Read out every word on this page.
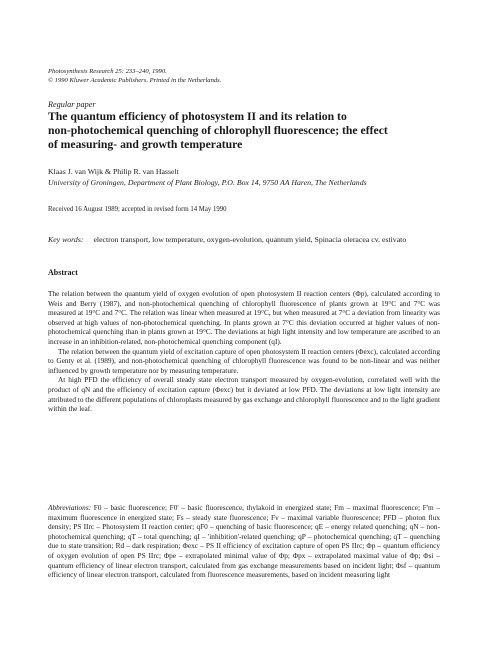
Photosynthesis Research 25: 233–240, 1990.
© 1990 Kluwer Academic Publishers. Printed in the Netherlands.
Regular paper
The quantum efficiency of photosystem II and its relation to
non-photochemical quenching of chlorophyll fluorescence; the effect
of measuring- and growth temperature
Klaas J. van Wijk & Philip R. van Hasselt
University of Groningen, Department of Plant Biology, P.O. Box 14, 9750 AA Haren, The Netherlands
Received 16 August 1989; accepted in revised form 14 May 1990
Key words: electron transport, low temperature, oxygen-evolution, quantum yield, Spinacia oleracea cv. estivato
Abstract

The relation between the quantum yield of oxygen evolution of open photosystem II reaction centers (Φp), calculated according to Weis and Berry (1987), and non-photochemical quenching of chlorophyll fluorescence of plants grown at 19°C and 7°C was measured at 19°C and 7°C. The relation was linear when measured at 19°C, but when measured at 7°C a deviation from linearity was observed at high values of non-photochemical quenching. In plants grown at 7°C this deviation occurred at higher values of non-photochemical quenching than in plants grown at 19°C. The deviations at high light intensity and low temperature are ascribed to an increase in an inhibition-related, non-photochemical quenching component (qI).

The relation between the quantum yield of excitation capture of open photosystem II reaction centers (Φexc), calculated according to Genty et al. (1989), and non-photochemical quenching of chlorophyll fluorescence was found to be non-linear and was neither influenced by growth temperature nor by measuring temperature.

At high PFD the efficiency of overall steady state electron transport measured by oxygen-evolution, correlated well with the product of qN and the efficiency of excitation capture (Φexc) but it deviated at low PFD. The deviations at low light intensity are attributed to the different populations of chloroplasts measured by gas exchange and chlorophyll fluorescence and to the light gradient within the leaf.

Abbreviations: F0 – basic fluorescence; F0' – basic fluorescence, thylakoid in energized state; Fm – maximal fluorescence; F'm – maximum fluorescence in energized state; Fs – steady state fluorescence; Fv – maximal variable fluorescence; PFD – photon flux density; PS IIrc – Photosystem II reaction center; qF0 – quenching of basic fluorescence; qE – energy related quenching; qN – non-photochemical quenching; qT – total quenching; qI – 'inhibition'-related quenching; qP – photochemical quenching; qT – quenching due to state transition; Rd – dark respiration; Φexc – PS II efficiency of excitation capture of open PS IIrc; Φp – quantum efficiency of oxygen evolution of open PS IIrc; Φpe – extrapolated minimal value of Φp; Φpx – extrapolated maximal value of Φp; Φsi – quantum efficiency of linear electron transport, calculated from gas exchange measurements based on incident light; Φsf – quantum efficiency of linear electron transport, calculated from fluorescence measurements, based on incident measuring light
